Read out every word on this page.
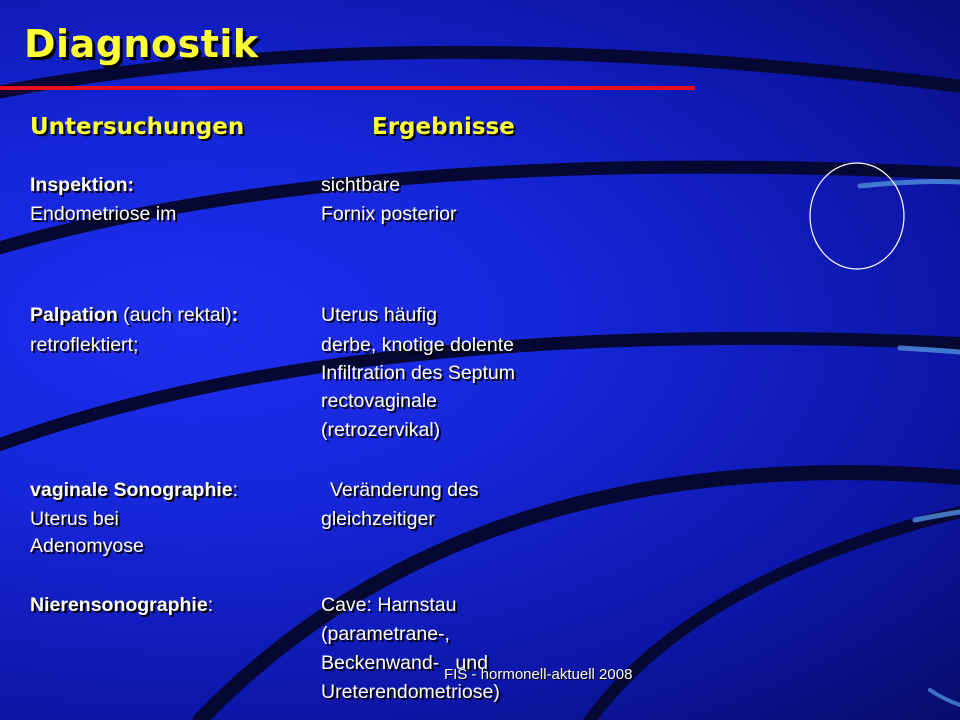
Diagnostik
Untersuchungen	Ergebnisse
Inspektion:
Endometriose im
sichtbare
Fornix posterior
Palpation (auch rektal):
retroflektiert;
Uterus häufig
derbe, knotige dolente
Infiltration des Septum
rectovaginale
(retrozervikal)
vaginale Sonographie:
Uterus bei
Adenomyose
Veränderung des
gleichzeitiger
Nierensonographie:	Cave: Harnstau
(parametrane-,
Beckenwand-   und
Ureterendometriose)
FIS - hormonell-aktuell 2008
